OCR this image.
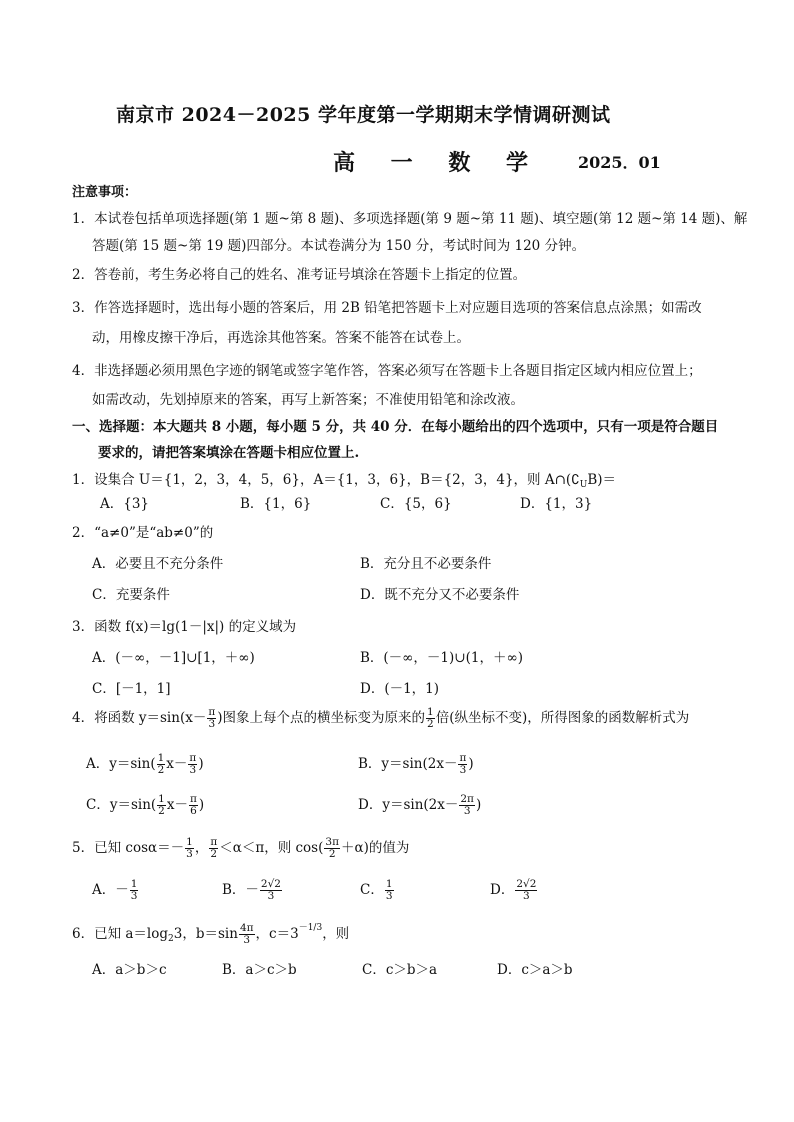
南京市 2024－2025 学年度第一学期期末学情调研测试
高 一 数 学 2025．01
注意事项：
1．本试卷包括单项选择题(第 1 题~第 8 题)、多项选择题(第 9 题~第 11 题)、填空题(第 12 题~第 14 题)、解
答题(第 15 题~第 19 题)四部分。本试卷满分为 150 分，考试时间为 120 分钟。
2．答卷前，考生务必将自己的姓名、准考证号填涂在答题卡上指定的位置。
3．作答选择题时，选出每小题的答案后，用 2B 铅笔把答题卡上对应题目选项的答案信息点涂黑；如需改
动，用橡皮擦干净后，再选涂其他答案。答案不能答在试卷上。
4．非选择题必须用黑色字迹的钢笔或签字笔作答，答案必须写在答题卡上各题目指定区域内相应位置上；
如需改动，先划掉原来的答案，再写上新答案；不准使用铅笔和涂改液。
一、选择题：本大题共 8 小题，每小题 5 分，共 40 分．在每小题给出的四个选项中，只有一项是符合题目
要求的，请把答案填涂在答题卡相应位置上.
1．设集合 U＝{1，2，3，4，5，6}，A＝{1，3，6}，B＝{2，3，4}，则 $A\cap(∁_UB)=$
A．{3}	B．{1，6}	C．{5，6}	D．{1，3}
2．“a≠0”是“ab≠0”的
A．必要且不充分条件	B．充分且不必要条件
C．充要条件	D．既不充分又不必要条件
3．函数 f(x)＝lg(1－|x|) 的定义域为
A．(－∞，－1]∪[1，＋∞)	B．(－∞，－1)∪(1，＋∞)
C．[－1，1]	D．(－1，1)
4．将函数 $y=\sin(x- \frac{\pi}{3}$ )图象上每个点的横坐标变为原来的 $\frac{1}{2}$ 倍(纵坐标不变)，所得图象的函数解析式为
A．$y=\sin( \frac{1}{2} x- \frac{\pi}{3}$ )	B．$y=\sin(2x- \frac{\pi}{3}$ )
C．$y=\sin( \frac{1}{2} x- \frac{\pi}{6}$ )	D．$y=\sin(2x- \frac{2\pi}{3}$ )
5．已知 $\cos\alpha=- \frac{1}{3}$ ， $\frac{\pi}{2} <\alpha<\pi$，则 $\cos( \frac{3\pi}{2} +\alpha)$的值为
A．－ $\frac{1}{3}$	B．－ $\frac{2√2}{3}$	C． $\frac{1}{3}$	D． $\frac{2√2}{3}$
6．已知 $a=\log_23$，$b=\sin \frac{4\pi}{3}$ ，$c=3^{-1/3}$，则
A．a＞b＞c	B．a＞c＞b	C．c＞b＞a	D．c＞a＞b
